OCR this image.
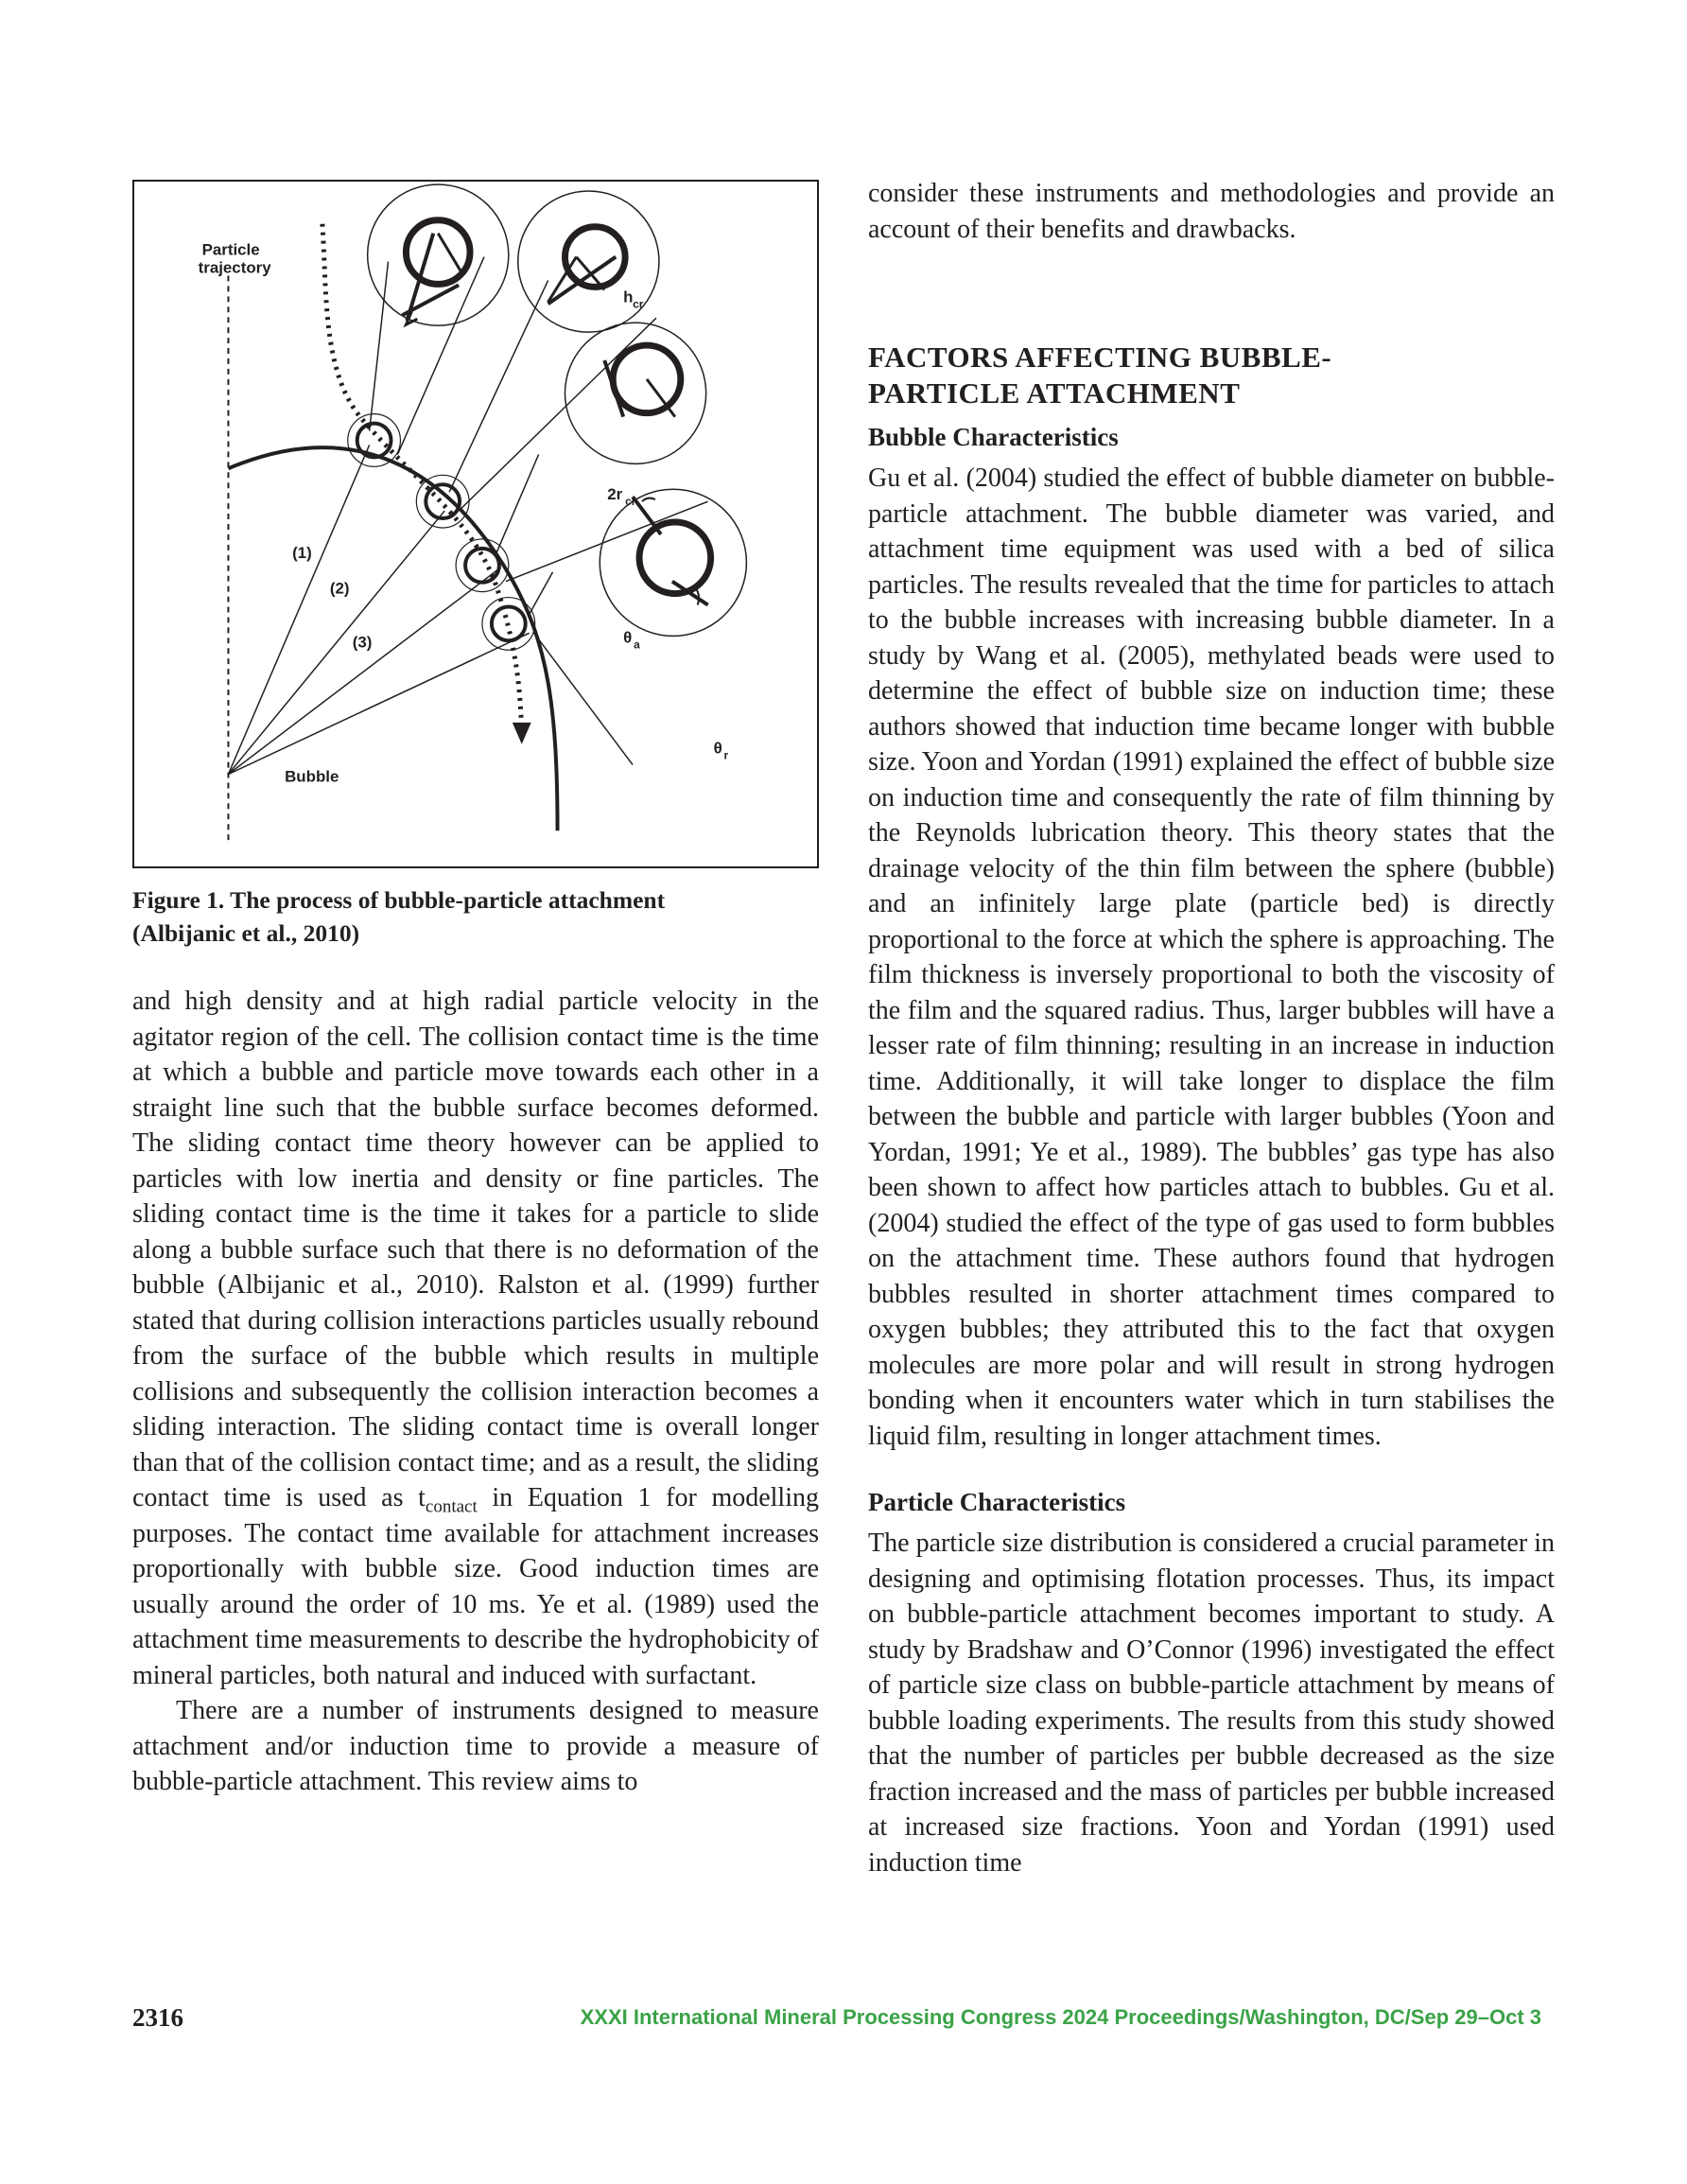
Particle
trajectory
h cr
2r cr
θ a
θ r
(1)
(2)
(3)
Bubble
Figure 1. The process of bubble-particle attachment
(Albijanic et al., 2010)

and high density and at high radial particle velocity in the agitator region of the cell. The collision contact time is the time at which a bubble and particle move towards each other in a straight line such that the bubble surface becomes deformed. The sliding contact time theory however can be applied to particles with low inertia and density or fine particles. The sliding contact time is the time it takes for a particle to slide along a bubble surface such that there is no deformation of the bubble (Albijanic et al., 2010). Ralston et al. (1999) further stated that during collision interactions particles usually rebound from the surface of the bubble which results in multiple collisions and subsequently the collision interaction becomes a sliding interaction. The sliding contact time is overall longer than that of the collision contact time; and as a result, the sliding contact time is used as $t_{contact}$ in Equation 1 for modelling purposes. The contact time available for attachment increases proportionally with bubble size. Good induction times are usually around the order of 10 ms. Ye et al. (1989) used the attachment time measurements to describe the hydrophobicity of mineral particles, both natural and induced with surfactant.

There are a number of instruments designed to measure attachment and/or induction time to provide a measure of bubble-particle attachment. This review aims to

consider these instruments and methodologies and provide an account of their benefits and drawbacks.

FACTORS AFFECTING BUBBLE-
PARTICLE ATTACHMENT
Bubble Characteristics

Gu et al. (2004) studied the effect of bubble diameter on bubble-particle attachment. The bubble diameter was varied, and attachment time equipment was used with a bed of silica particles. The results revealed that the time for particles to attach to the bubble increases with increasing bubble diameter. In a study by Wang et al. (2005), methylated beads were used to determine the effect of bubble size on induction time; these authors showed that induction time became longer with bubble size. Yoon and Yordan (1991) explained the effect of bubble size on induction time and consequently the rate of film thinning by the Reynolds lubrication theory. This theory states that the drainage velocity of the thin film between the sphere (bubble) and an infinitely large plate (particle bed) is directly proportional to the force at which the sphere is approaching. The film thickness is inversely proportional to both the viscosity of the film and the squared radius. Thus, larger bubbles will have a lesser rate of film thinning; resulting in an increase in induction time. Additionally, it will take longer to displace the film between the bubble and particle with larger bubbles (Yoon and Yordan, 1991; Ye et al., 1989). The bubbles’ gas type has also been shown to affect how particles attach to bubbles. Gu et al. (2004) studied the effect of the type of gas used to form bubbles on the attachment time. These authors found that hydrogen bubbles resulted in shorter attachment times compared to oxygen bubbles; they attributed this to the fact that oxygen molecules are more polar and will result in strong hydrogen bonding when it encounters water which in turn stabilises the liquid film, resulting in longer attachment times.

Particle Characteristics

The particle size distribution is considered a crucial parameter in designing and optimising flotation processes. Thus, its impact on bubble-particle attachment becomes important to study. A study by Bradshaw and O’Connor (1996) investigated the effect of particle size class on bubble-particle attachment by means of bubble loading experiments. The results from this study showed that the number of particles per bubble decreased as the size fraction increased and the mass of particles per bubble increased at increased size fractions. Yoon and Yordan (1991) used induction time

2316	XXXI International Mineral Processing Congress 2024 Proceedings/Washington, DC/Sep 29–Oct 3
